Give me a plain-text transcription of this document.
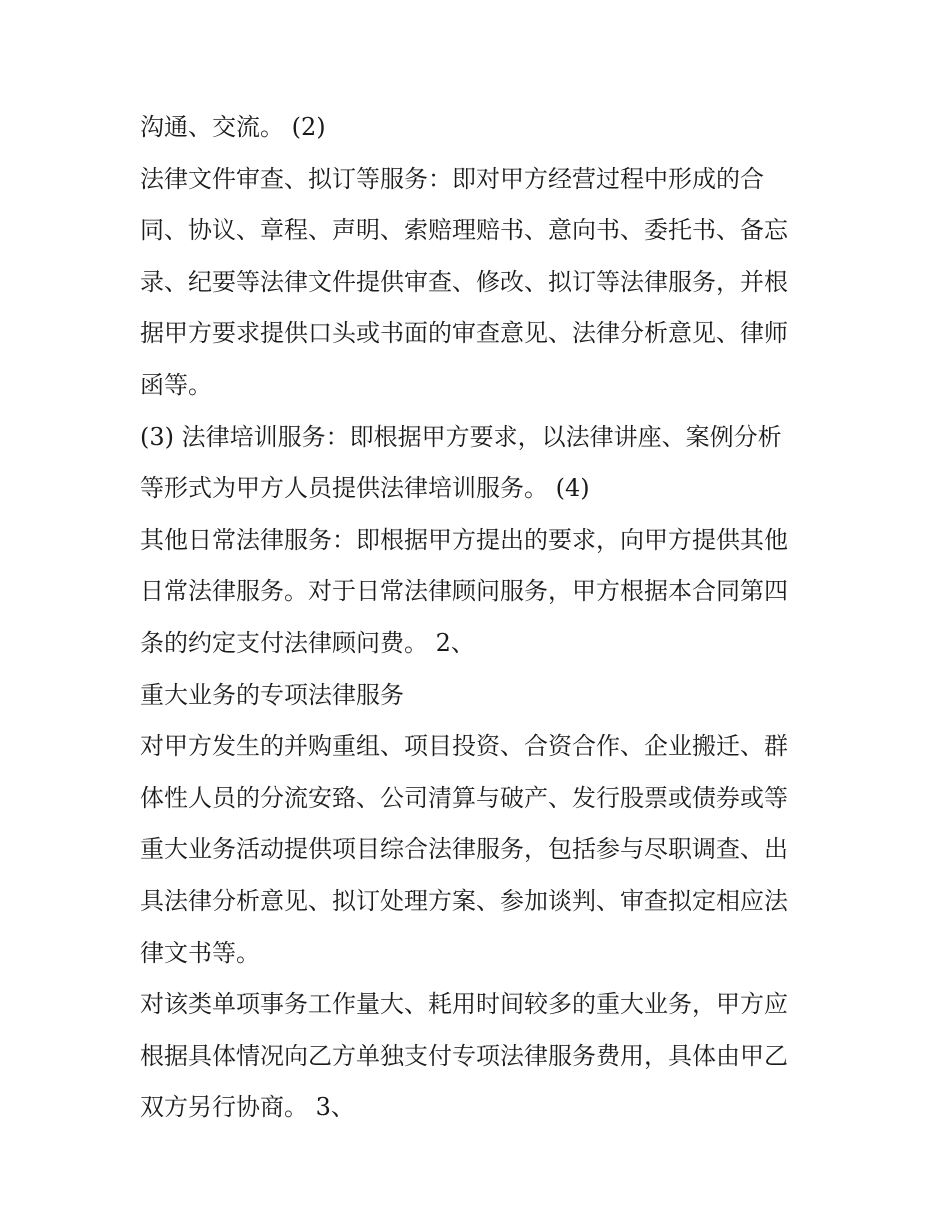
沟通、交流。 (2)
法律文件审查、拟订等服务：即对甲方经营过程中形成的合
同、协议、章程、声明、索赔理赔书、意向书、委托书、备忘
录、纪要等法律文件提供审查、修改、拟订等法律服务，并根
据甲方要求提供口头或书面的审查意见、法律分析意见、律师
函等。
(3) 法律培训服务：即根据甲方要求，以法律讲座、案例分析
等形式为甲方人员提供法律培训服务。 (4)
其他日常法律服务：即根据甲方提出的要求，向甲方提供其他
日常法律服务。对于日常法律顾问服务，甲方根据本合同第四
条的约定支付法律顾问费。 2、
重大业务的专项法律服务
对甲方发生的并购重组、项目投资、合资合作、企业搬迁、群
体性人员的分流安臵、公司清算与破产、发行股票或债券或等
重大业务活动提供项目综合法律服务，包括参与尽职调查、出
具法律分析意见、拟订处理方案、参加谈判、审查拟定相应法
律文书等。
对该类单项事务工作量大、耗用时间较多的重大业务，甲方应
根据具体情况向乙方单独支付专项法律服务费用，具体由甲乙
双方另行协商。 3、
